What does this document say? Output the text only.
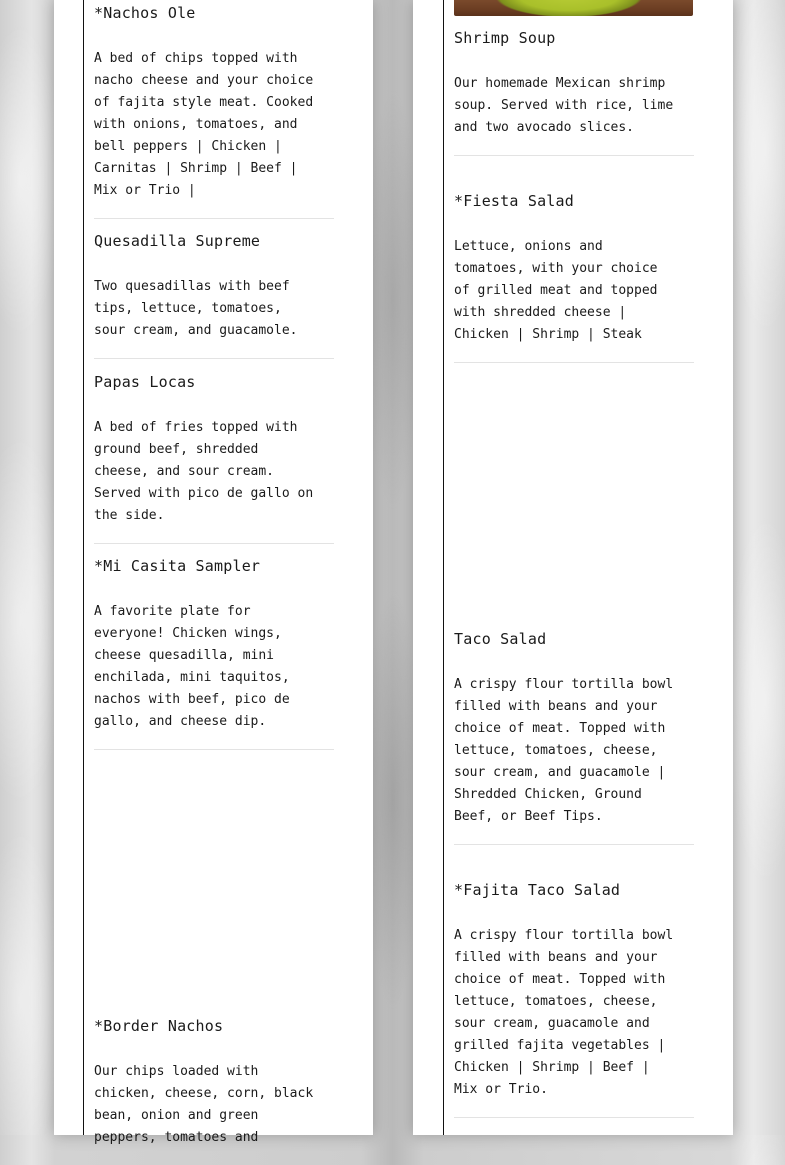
*Nachos Ole

A bed of chips topped with nacho cheese and your choice of fajita style meat. Cooked with onions, tomatoes, and bell peppers | Chicken | Carnitas | Shrimp | Beef | Mix or Trio |

Quesadilla Supreme

Two quesadillas with beef tips, lettuce, tomatoes, sour cream, and guacamole.

Papas Locas

A bed of fries topped with ground beef, shredded cheese, and sour cream. Served with pico de gallo on the side.

*Mi Casita Sampler

A favorite plate for everyone! Chicken wings, cheese quesadilla, mini enchilada, mini taquitos, nachos with beef, pico de gallo, and cheese dip.

*Border Nachos

Our chips loaded with chicken, cheese, corn, black bean, onion and green peppers, tomatoes and

Shrimp Soup

Our homemade Mexican shrimp soup. Served with rice, lime and two avocado slices.

*Fiesta Salad

Lettuce, onions and tomatoes, with your choice of grilled meat and topped with shredded cheese | Chicken | Shrimp | Steak

Taco Salad

A crispy flour tortilla bowl filled with beans and your choice of meat. Topped with lettuce, tomatoes, cheese, sour cream, and guacamole | Shredded Chicken, Ground Beef, or Beef Tips.

*Fajita Taco Salad

A crispy flour tortilla bowl filled with beans and your choice of meat. Topped with lettuce, tomatoes, cheese, sour cream, guacamole and grilled fajita vegetables | Chicken | Shrimp | Beef | Mix or Trio.
